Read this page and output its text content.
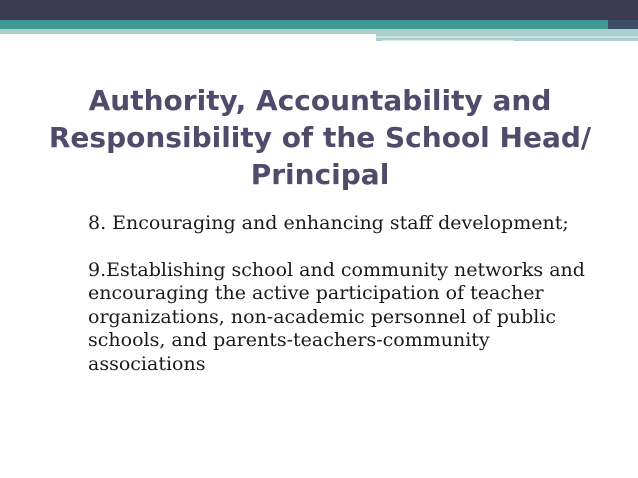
Authority, Accountability and
Responsibility of the School Head/
Principal

8. Encouraging and enhancing staff development;

9.Establishing school and community networks and encouraging the active participation of teacher organizations, non-academic personnel of public schools, and parents-teachers-community associations
